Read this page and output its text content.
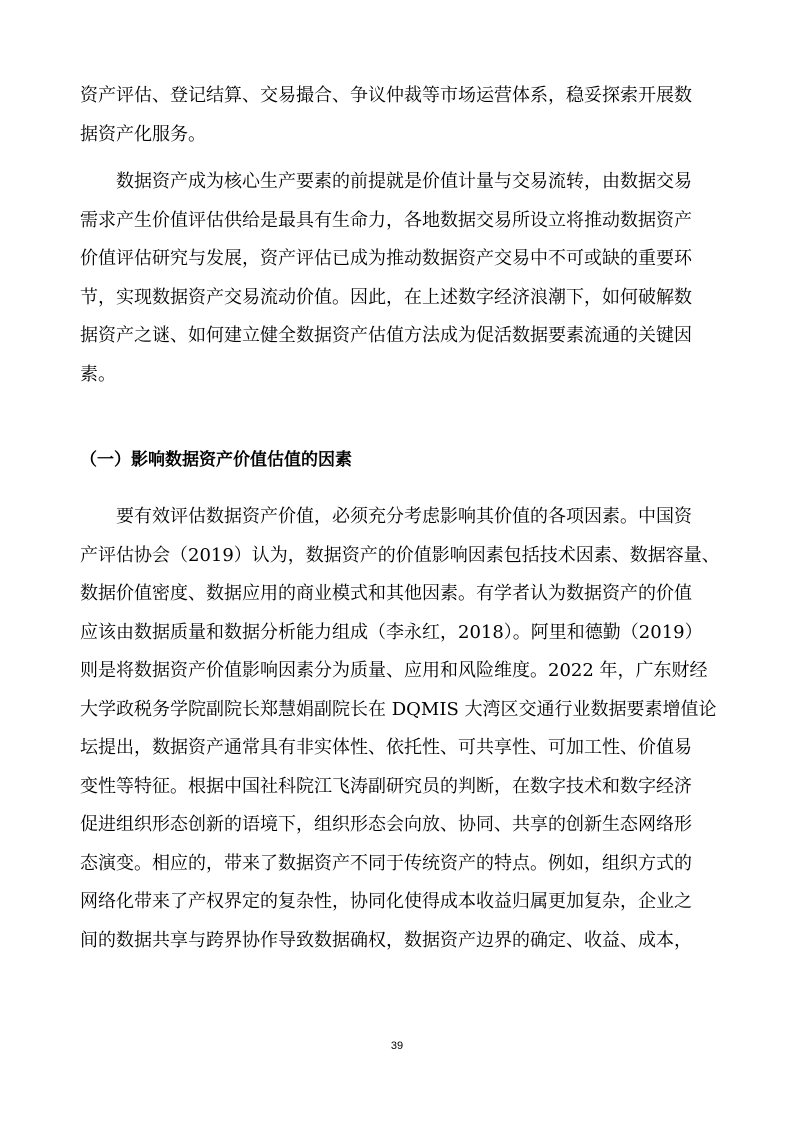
资产评估、登记结算、交易撮合、争议仲裁等市场运营体系，稳妥探索开展数
据资产化服务。
　　数据资产成为核心生产要素的前提就是价值计量与交易流转，由数据交易
需求产生价值评估供给是最具有生命力，各地数据交易所设立将推动数据资产
价值评估研究与发展，资产评估已成为推动数据资产交易中不可或缺的重要环
节，实现数据资产交易流动价值。因此，在上述数字经济浪潮下，如何破解数
据资产之谜、如何建立健全数据资产估值方法成为促活数据要素流通的关键因
素。
（一）影响数据资产价值估值的因素
　　要有效评估数据资产价值，必须充分考虑影响其价值的各项因素。中国资
产评估协会（2019）认为，数据资产的价值影响因素包括技术因素、数据容量、
数据价值密度、数据应用的商业模式和其他因素。有学者认为数据资产的价值
应该由数据质量和数据分析能力组成（李永红，2018）。阿里和德勤（2019）
则是将数据资产价值影响因素分为质量、应用和风险维度。2022 年，广东财经
大学政税务学院副院长郑慧娟副院长在 DQMIS 大湾区交通行业数据要素增值论
坛提出，数据资产通常具有非实体性、依托性、可共享性、可加工性、价值易
变性等特征。根据中国社科院江飞涛副研究员的判断，在数字技术和数字经济
促进组织形态创新的语境下，组织形态会向放、协同、共享的创新生态网络形
态演变。相应的，带来了数据资产不同于传统资产的特点。例如，组织方式的
网络化带来了产权界定的复杂性，协同化使得成本收益归属更加复杂，企业之
间的数据共享与跨界协作导致数据确权，数据资产边界的确定、收益、成本，
39
